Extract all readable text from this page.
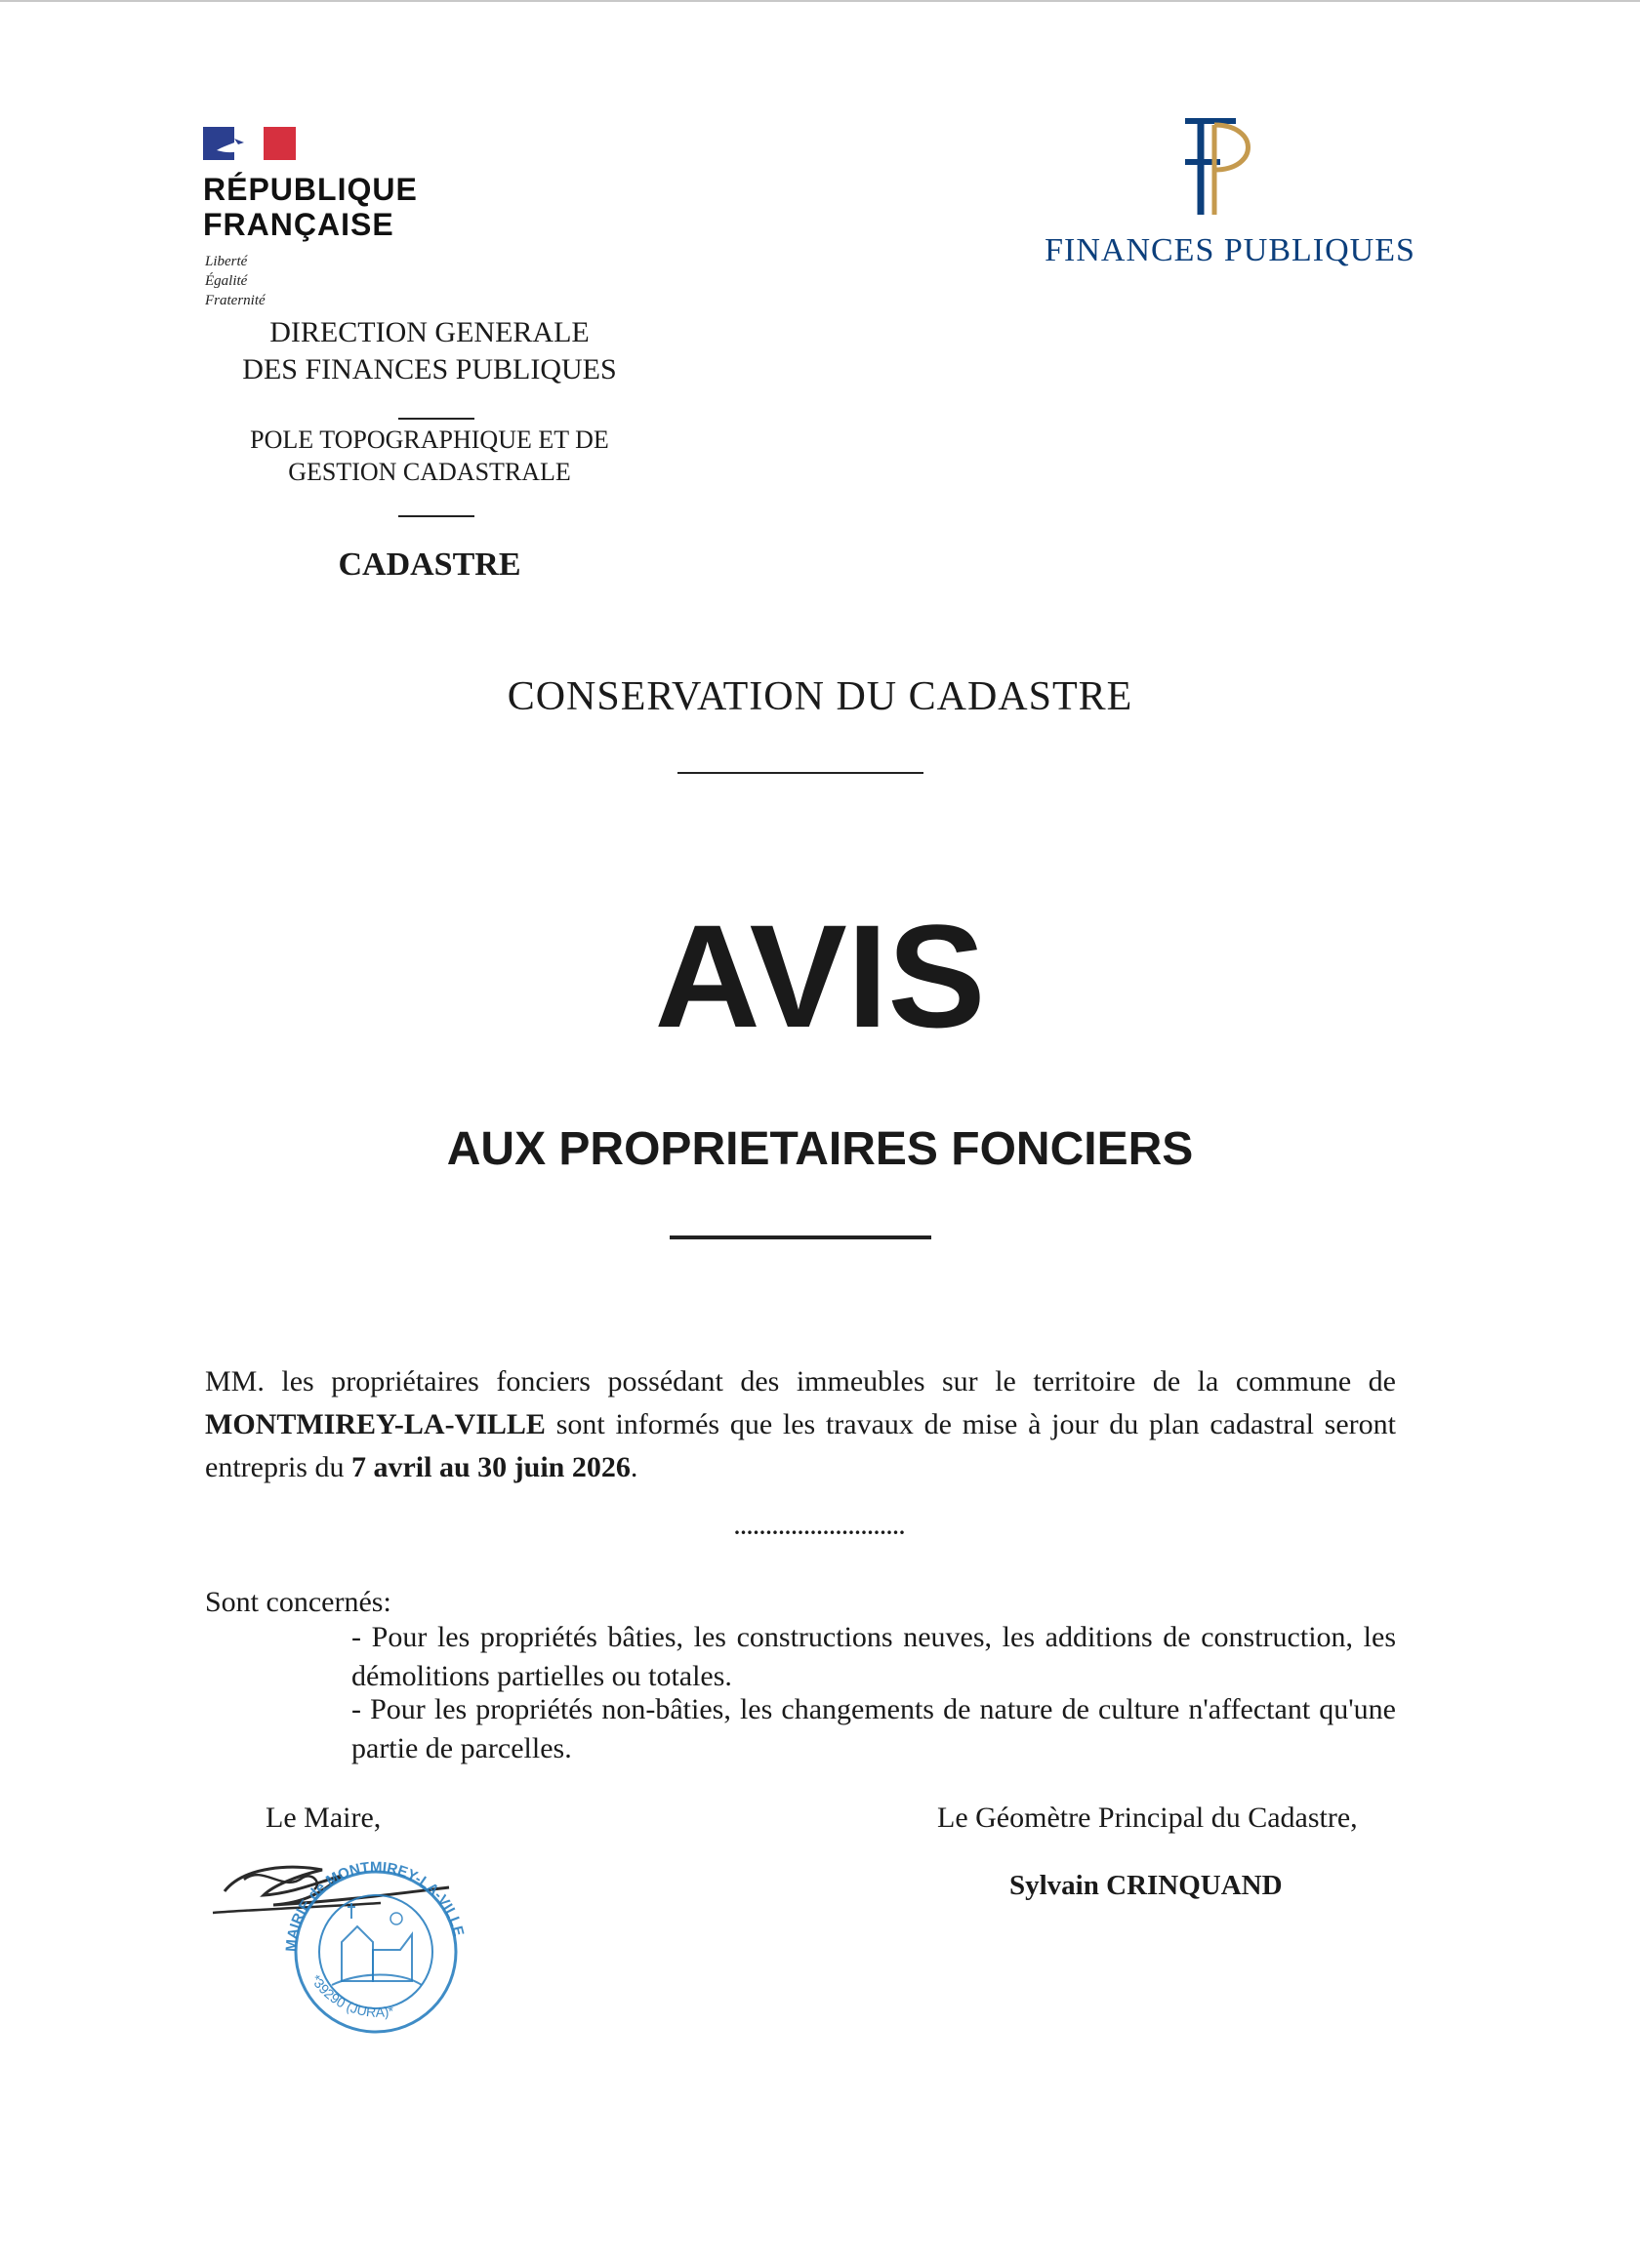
RÉPUBLIQUE
FRANÇAISE
Liberté
Égalité
Fraternité
DIRECTION GENERALE
DES FINANCES PUBLIQUES
POLE TOPOGRAPHIQUE ET DE
GESTION CADASTRALE
CADASTRE
FINANCES PUBLIQUES
CONSERVATION DU CADASTRE
AVIS
AUX PROPRIETAIRES FONCIERS
MM. les propriétaires fonciers possédant des immeubles sur le territoire de la commune de MONTMIREY-LA-VILLE sont informés que les travaux de mise à jour du plan cadastral seront entrepris du 7 avril au 30 juin 2026.
...........................
Sont concernés:
- Pour les propriétés bâties, les constructions neuves, les additions de construction, les démolitions partielles ou totales.
- Pour les propriétés non-bâties, les changements de nature de culture n'affectant qu'une partie de parcelles.
Le Maire,	Le Géomètre Principal du Cadastre,
Sylvain CRINQUAND
MAIRIE de MONTMIREY-LA-VILLE
*39290 (JURA)*
